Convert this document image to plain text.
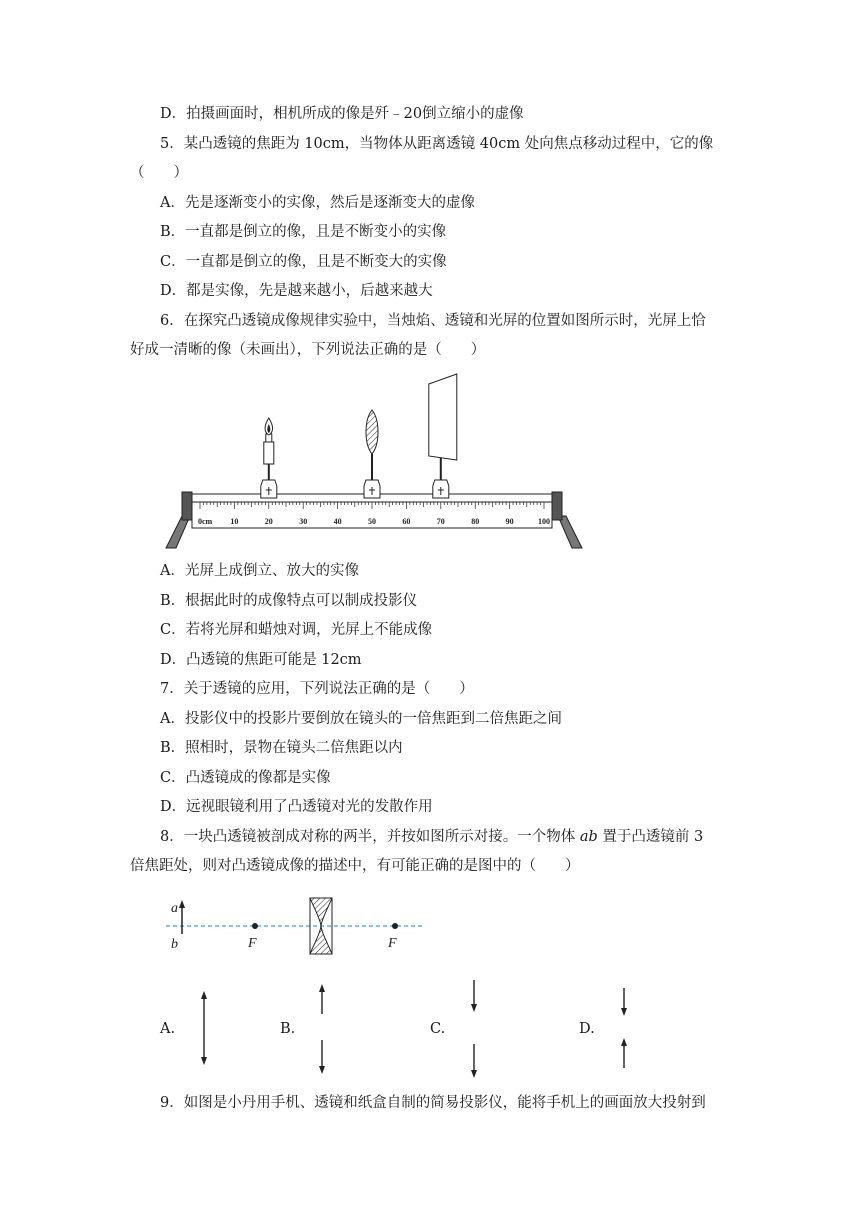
D．拍摄画面时，相机所成的像是歼﹣20倒立缩小的虚像
5．某凸透镜的焦距为 10cm，当物体从距离透镜 40cm 处向焦点移动过程中，它的像
（　　）
A．先是逐渐变小的实像，然后是逐渐变大的虚像
B．一直都是倒立的像，且是不断变小的实像
C．一直都是倒立的像，且是不断变大的实像
D．都是实像，先是越来越小，后越来越大
6．在探究凸透镜成像规律实验中，当烛焰、透镜和光屏的位置如图所示时，光屏上恰
好成一清晰的像（未画出），下列说法正确的是（　　）
0cm 10	20	30	40	50	60	70	80	90	100
A．光屏上成倒立、放大的实像
B．根据此时的成像特点可以制成投影仪
C．若将光屏和蜡烛对调，光屏上不能成像
D．凸透镜的焦距可能是 12cm
7．关于透镜的应用，下列说法正确的是（　　）
A．投影仪中的投影片要倒放在镜头的一倍焦距到二倍焦距之间
B．照相时，景物在镜头二倍焦距以内
C．凸透镜成的像都是实像
D．远视眼镜利用了凸透镜对光的发散作用
8．一块凸透镜被剖成对称的两半，并按如图所示对接。一个物体 ab 置于凸透镜前 3
倍焦距处，则对凸透镜成像的描述中，有可能正确的是图中的（　　）
a
b	F	F
A.	B.	C.	D.
9．如图是小丹用手机、透镜和纸盒自制的简易投影仪，能将手机上的画面放大投射到
